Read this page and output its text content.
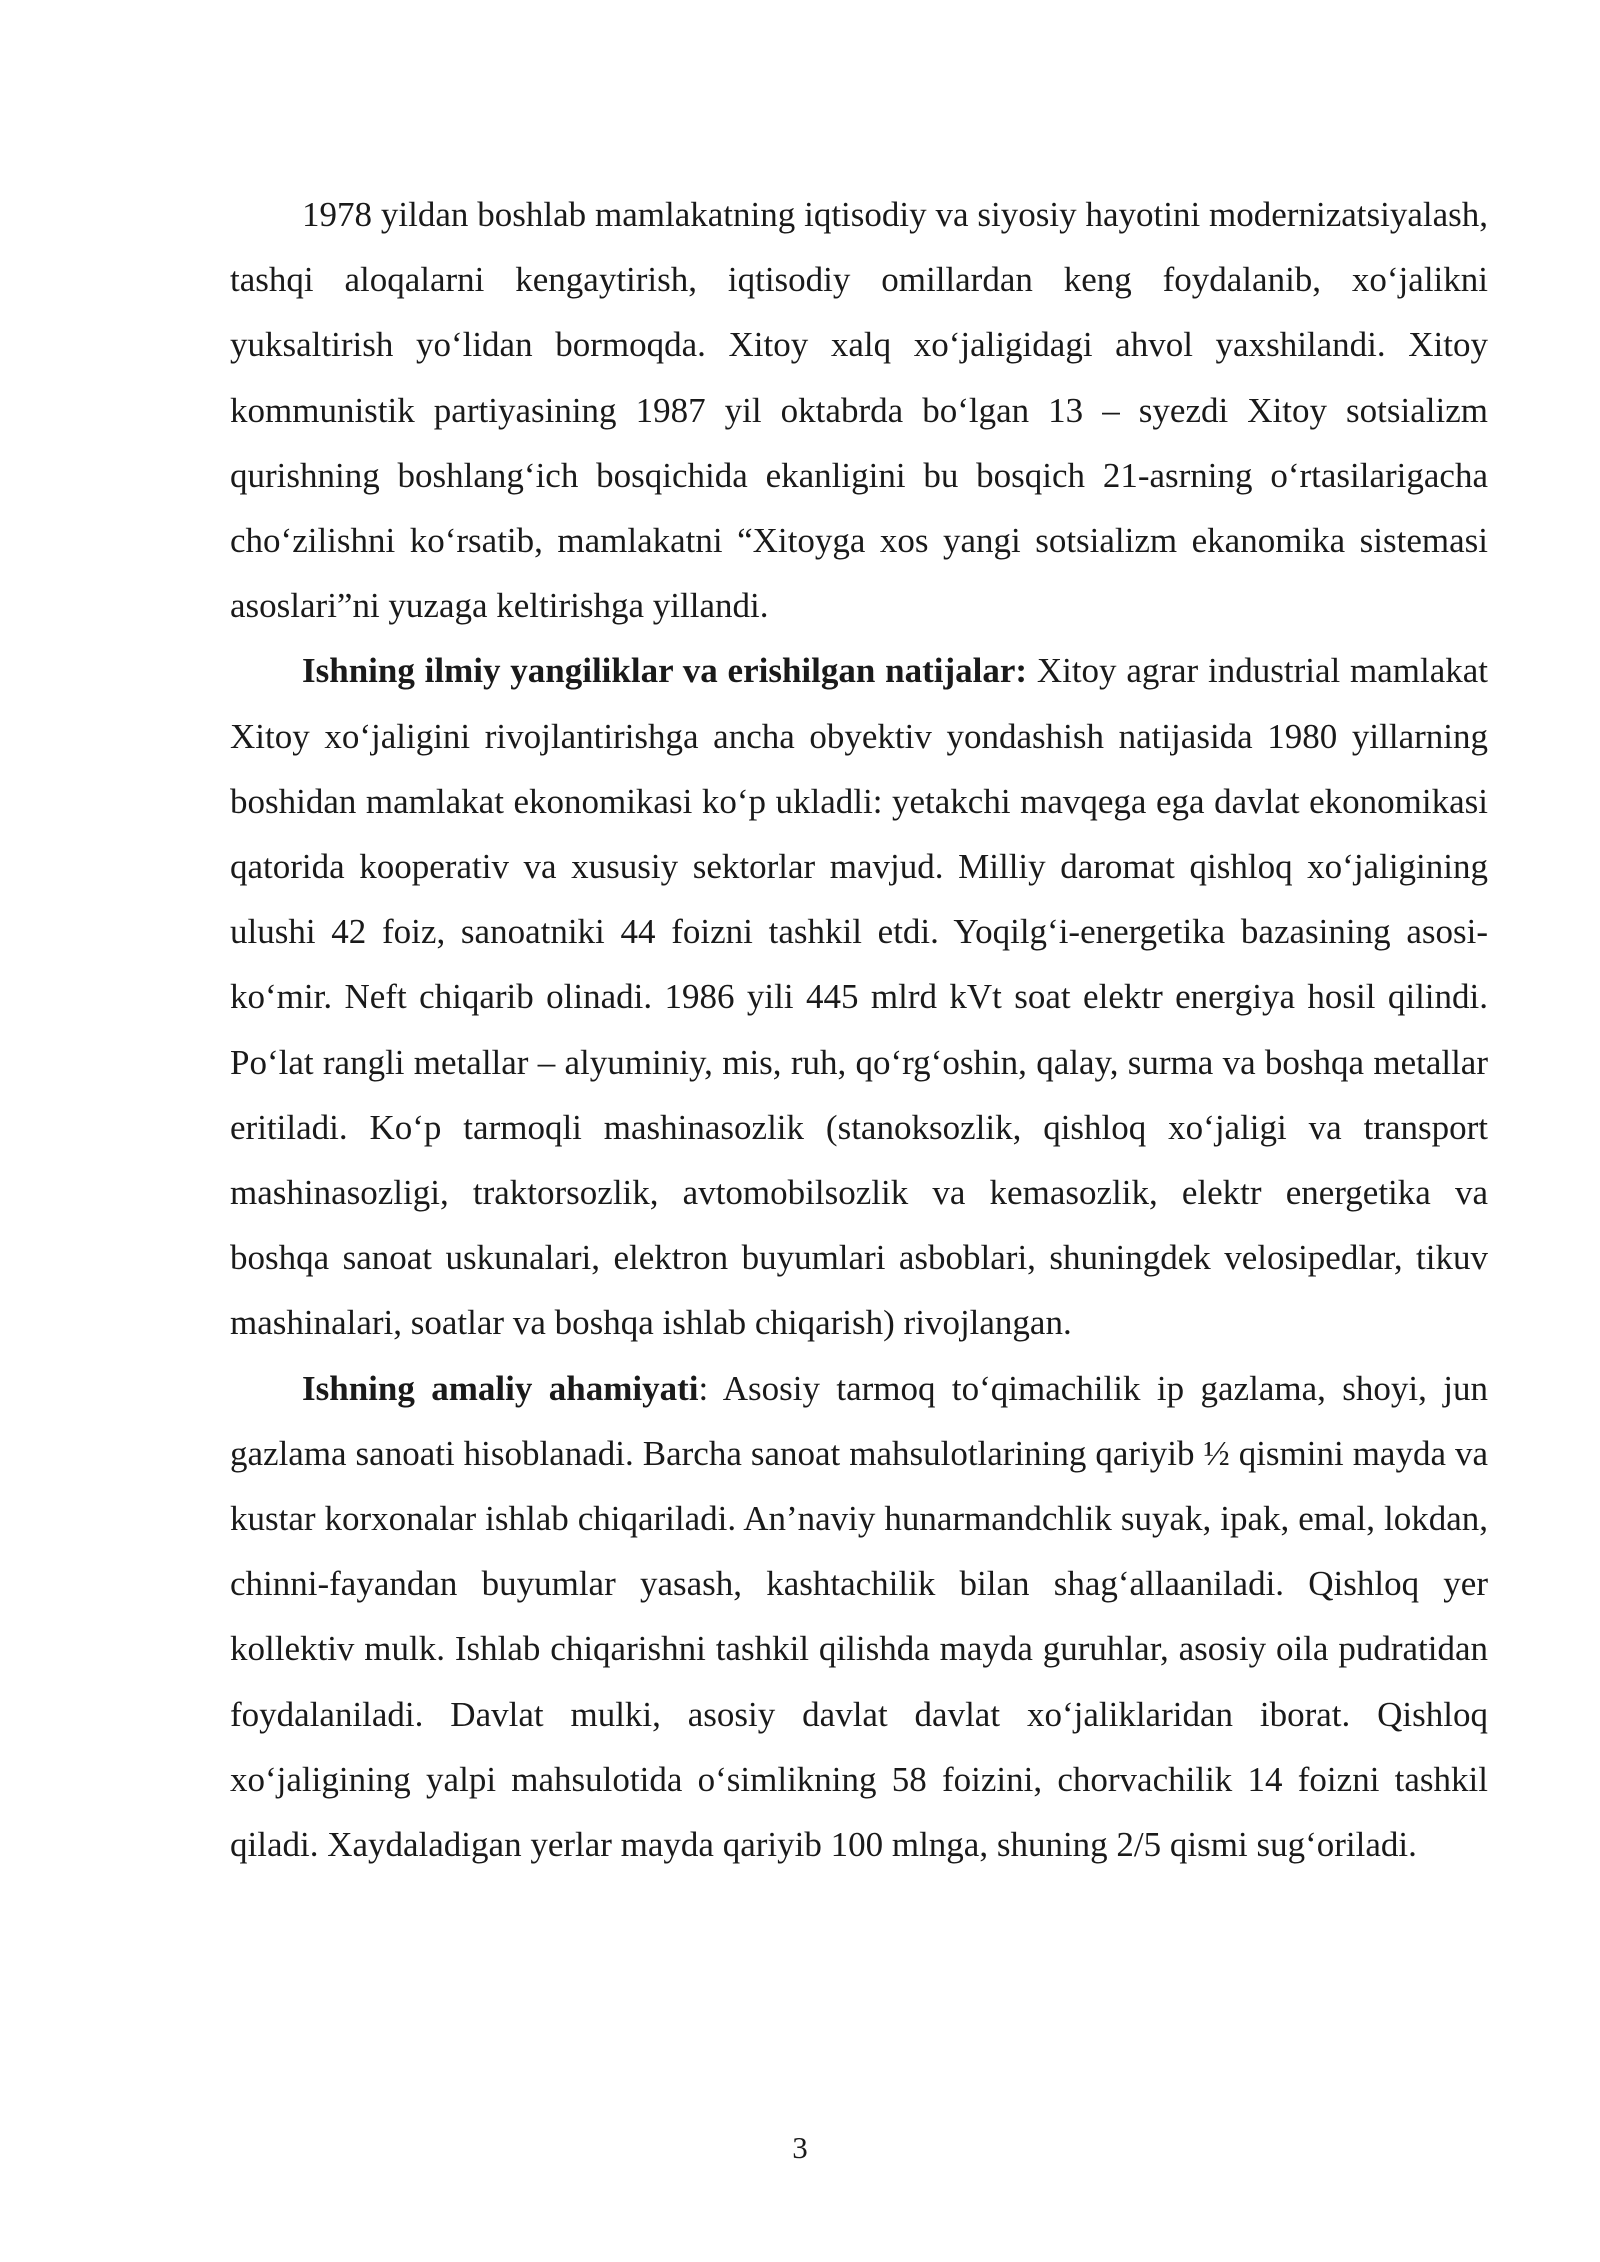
1978 yildan boshlab mamlakatning iqtisodiy va siyosiy hayotini modernizatsiyalash, tashqi aloqalarni kengaytirish, iqtisodiy omillardan keng foydalanib, xo‘jalikni yuksaltirish yo‘lidan bormoqda. Xitoy xalq xo‘jaligidagi ahvol yaxshilandi. Xitoy kommunistik partiyasining 1987 yil oktabrda bo‘lgan 13 – syezdi Xitoy sotsializm qurishning boshlang‘ich bosqichida ekanligini bu bosqich 21-asrning o‘rtasilarigacha cho‘zilishni ko‘rsatib, mamlakatni “Xitoyga xos yangi sotsializm ekanomika sistemasi asoslari”ni yuzaga keltirishga yillandi.

Ishning ilmiy yangiliklar va erishilgan natijalar: Xitoy agrar industrial mamlakat Xitoy xo‘jaligini rivojlantirishga ancha obyektiv yondashish natijasida 1980 yillarning boshidan mamlakat ekonomikasi ko‘p ukladli: yetakchi mavqega ega davlat ekonomikasi qatorida kooperativ va xususiy sektorlar mavjud. Milliy daromat qishloq xo‘jaligining ulushi 42 foiz, sanoatniki 44 foizni tashkil etdi. Yoqilg‘i-energetika bazasining asosi-ko‘mir. Neft chiqarib olinadi. 1986 yili 445 mlrd kVt soat elektr energiya hosil qilindi. Po‘lat rangli metallar – alyuminiy, mis, ruh, qo‘rg‘oshin, qalay, surma va boshqa metallar eritiladi. Ko‘p tarmoqli mashinasozlik (stanoksozlik, qishloq xo‘jaligi va transport mashinasozligi, traktorsozlik, avtomobilsozlik va kemasozlik, elektr energetika va boshqa sanoat uskunalari, elektron buyumlari asboblari, shuningdek velosipedlar, tikuv mashinalari, soatlar va boshqa ishlab chiqarish) rivojlangan.

Ishning amaliy ahamiyati: Asosiy tarmoq to‘qimachilik ip gazlama, shoyi, jun gazlama sanoati hisoblanadi. Barcha sanoat mahsulotlarining qariyib ½ qismini mayda va kustar korxonalar ishlab chiqariladi. An’naviy hunarmandchlik suyak, ipak, emal, lokdan, chinni-fayandan buyumlar yasash, kashtachilik bilan shag‘allaaniladi. Qishloq yer kollektiv mulk. Ishlab chiqarishni tashkil qilishda mayda guruhlar, asosiy oila pudratidan foydalaniladi. Davlat mulki, asosiy davlat davlat xo‘jaliklaridan iborat. Qishloq xo‘jaligining yalpi mahsulotida o‘simlikning 58 foizini, chorvachilik 14 foizni tashkil qiladi. Xaydaladigan yerlar mayda qariyib 100 mlnga, shuning 2/5 qismi sug‘oriladi.

3
